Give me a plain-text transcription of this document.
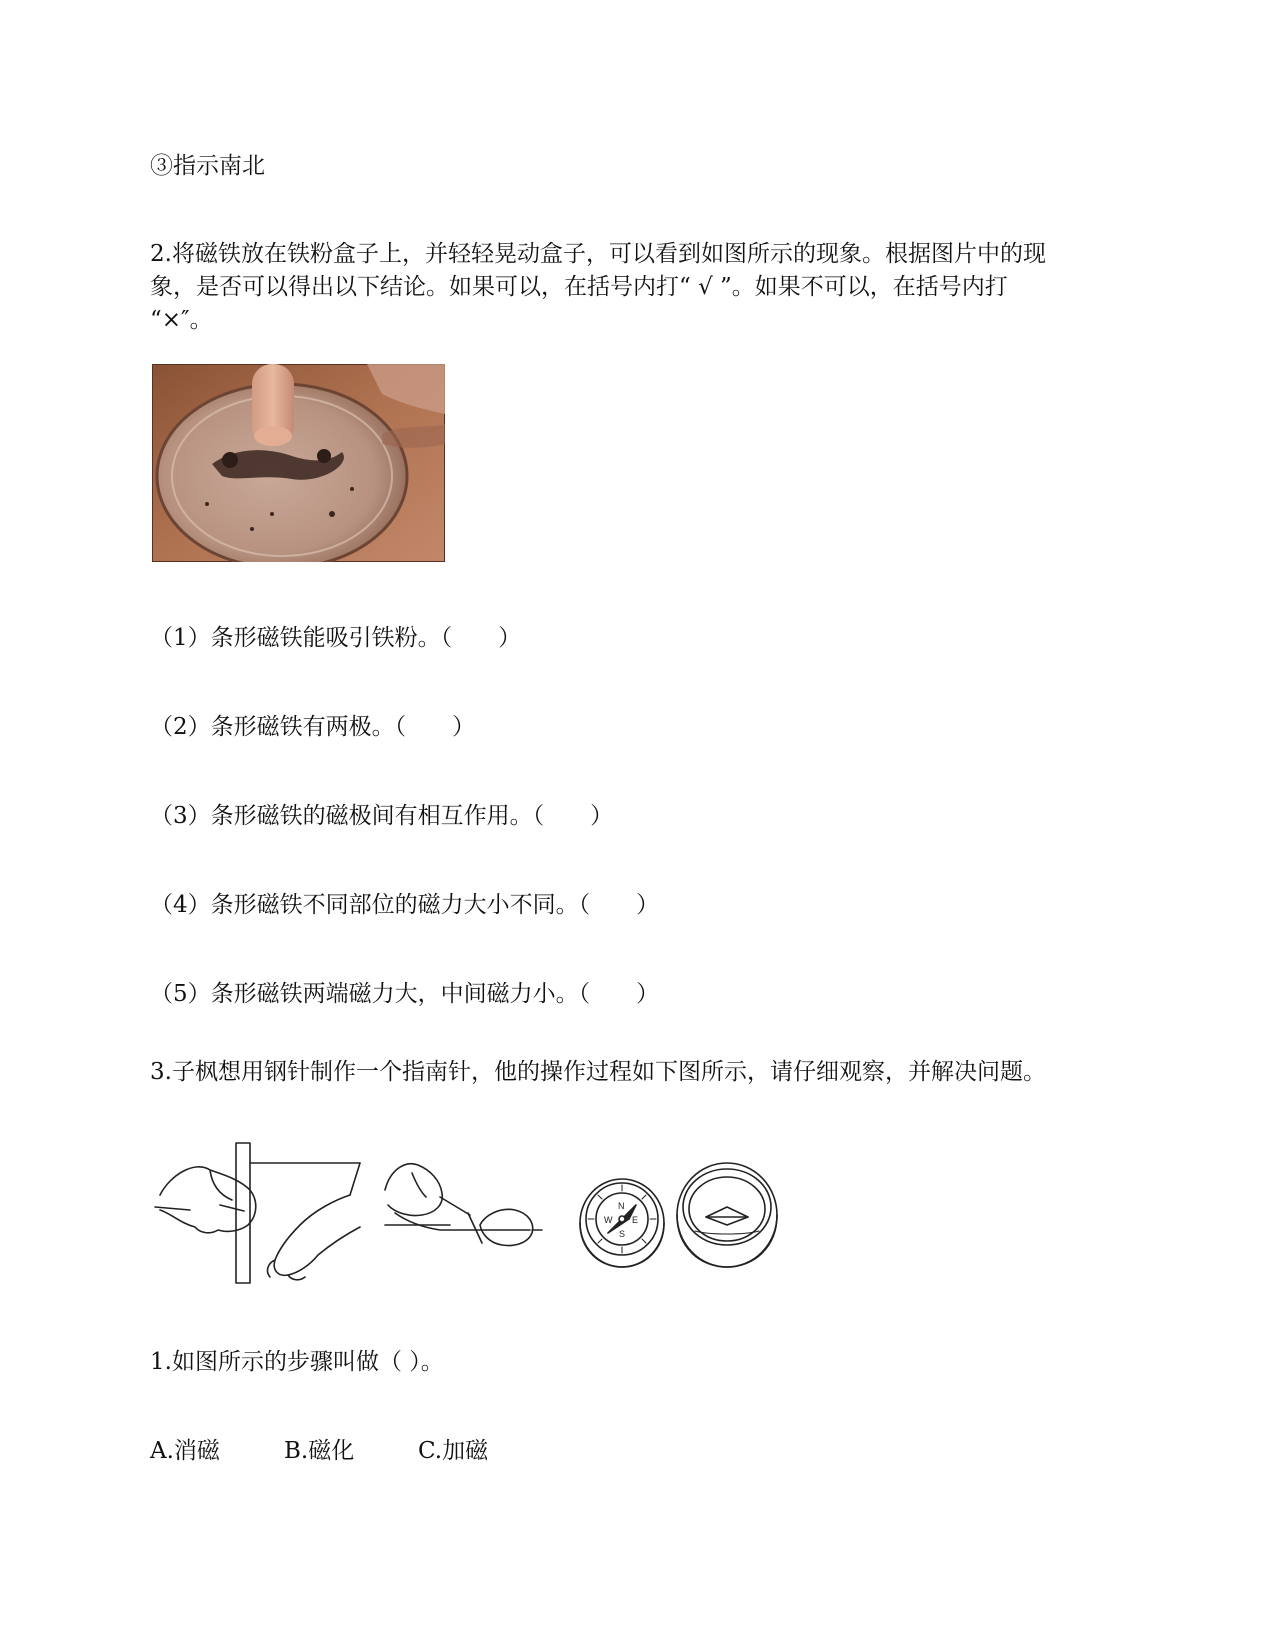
③指示南北
2.将磁铁放在铁粉盒子上，并轻轻晃动盒子，可以看到如图所示的现象。根据图片中的现
象，是否可以得出以下结论。如果可以，在括号内打“ √ ”。如果不可以，在括号内打
“×″。
（1）条形磁铁能吸引铁粉。（　　）
（2）条形磁铁有两极。（　　）
（3）条形磁铁的磁极间有相互作用。（　　）
（4）条形磁铁不同部位的磁力大小不同。（　　）
（5）条形磁铁两端磁力大，中间磁力小。（　　）
3.子枫想用钢针制作一个指南针，他的操作过程如下图所示，请仔细观察，并解决问题。
N
E
S
W
1.如图所示的步骤叫做（ ）。
A.消磁	B.磁化	C.加磁
